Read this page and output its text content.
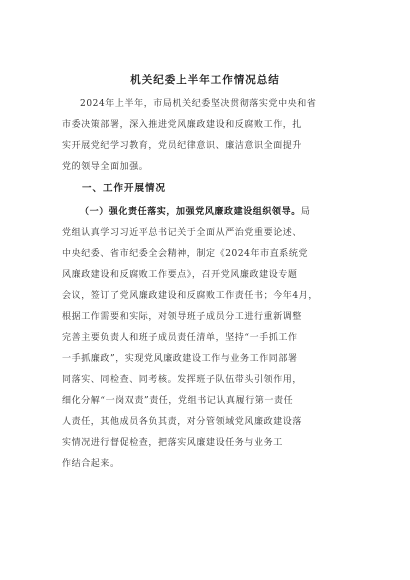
机关纪委上半年工作情况总结
2024年上半年，市局机关纪委坚决贯彻落实党中央和省
市委决策部署，深入推进党风廉政建设和反腐败工作，扎
实开展党纪学习教育，党员纪律意识、廉洁意识全面提升
党的领导全面加强。
一、工作开展情况
（一）强化责任落实，加强党风廉政建设组织领导。局
党组认真学习习近平总书记关于全面从严治党重要论述、
中央纪委、省市纪委全会精神，制定《2024年市直系统党
风廉政建设和反腐败工作要点》，召开党风廉政建设专题
会议，签订了党风廉政建设和反腐败工作责任书；今年4月，
根据工作需要和实际，对领导班子成员分工进行重新调整
完善主要负责人和班子成员责任清单，坚持“一手抓工作
一手抓廉政”，实现党风廉政建设工作与业务工作同部署
同落实、同检查、同考核。发挥班子队伍带头引领作用，
细化分解“一岗双责”责任，党组书记认真履行第一责任
人责任，其他成员各负其责，对分管领域党风廉政建设落
实情况进行督促检查，把落实风廉建设任务与业务工
作结合起来。
